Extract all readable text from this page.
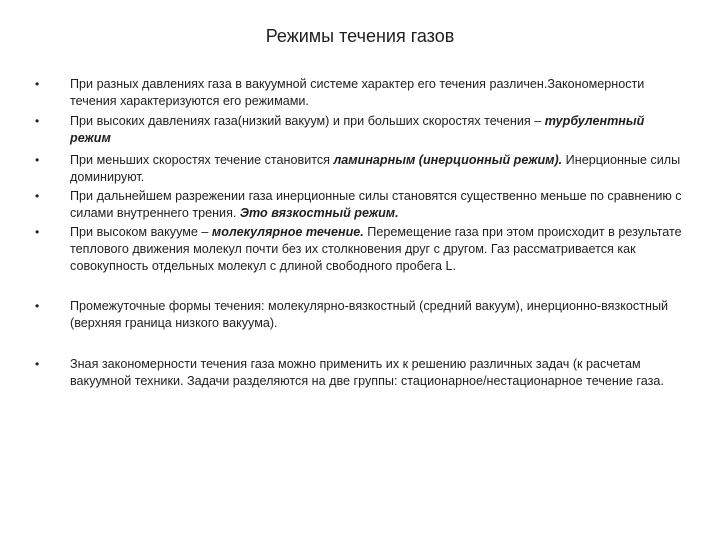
Режимы течения газов
•	При разных давлениях газа в вакуумной системе характер его течения различен.Закономерности течения характеризуются его режимами.
•	При высоких давлениях газа(низкий вакуум) и при больших скоростях течения – турбулентный режим
•	При меньших скоростях течение становится ламинарным (инерционный режим). Инерционные силы доминируют.
•	При дальнейшем разрежении газа инерционные силы становятся существенно меньше по сравнению с силами внутреннего трения. Это вязкостный режим.
•	При высоком вакууме – молекулярное течение. Перемещение газа при этом происходит в результате теплового движения молекул почти без их столкновения друг с другом. Газ рассматривается как совокупность отдельных молекул с длиной свободного пробега L.
•	Промежуточные формы течения: молекулярно-вязкостный (средний вакуум), инерционно-вязкостный (верхняя граница низкого вакуума).
•	Зная закономерности течения газа можно применить их к решению различных задач (к расчетам вакуумной техники. Задачи разделяются на две группы: стационарное/нестационарное течение газа.
